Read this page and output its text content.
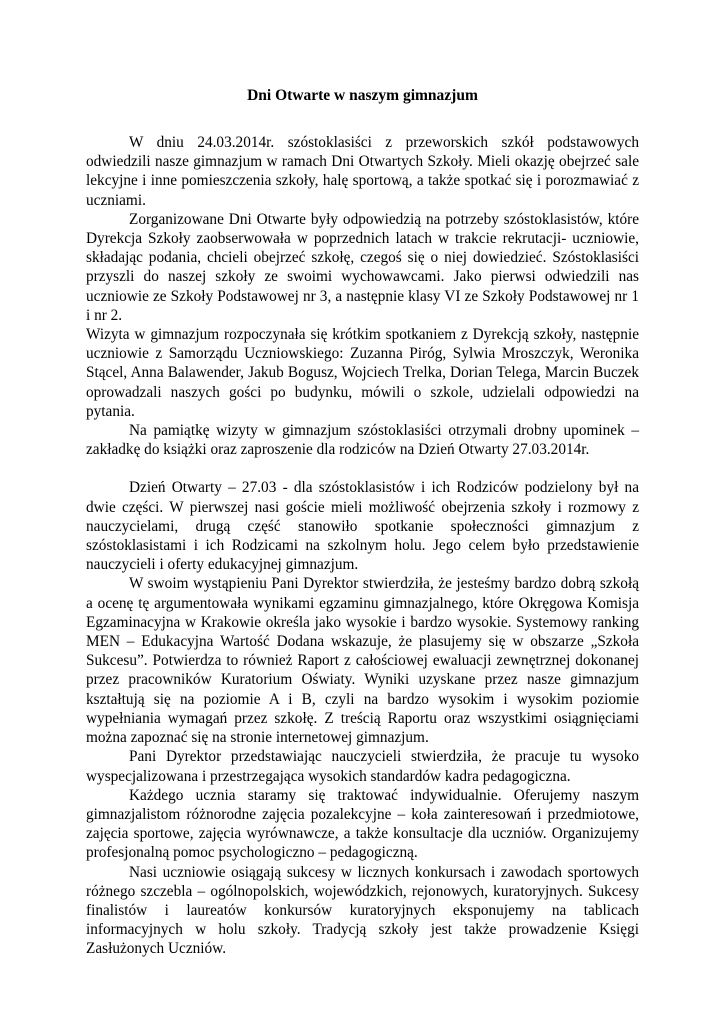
Dni Otwarte w naszym gimnazjum

W dniu 24.03.2014r. szóstoklasiści z przeworskich szkół podstawowych odwiedzili nasze gimnazjum w ramach Dni Otwartych Szkoły. Mieli okazję obejrzeć sale lekcyjne i inne pomieszczenia szkoły, halę sportową, a także spotkać się i porozmawiać z uczniami.

Zorganizowane Dni Otwarte były odpowiedzią na potrzeby szóstoklasistów, które Dyrekcja Szkoły zaobserwowała w poprzednich latach w trakcie rekrutacji- uczniowie, składając podania, chcieli obejrzeć szkołę, czegoś się o niej dowiedzieć. Szóstoklasiści przyszli do naszej szkoły ze swoimi wychowawcami. Jako pierwsi odwiedzili nas uczniowie ze Szkoły Podstawowej nr 3, a następnie klasy VI ze Szkoły Podstawowej nr 1 i nr 2.

Wizyta w gimnazjum rozpoczynała się krótkim spotkaniem z Dyrekcją szkoły, następnie uczniowie z Samorządu Uczniowskiego: Zuzanna Piróg, Sylwia Mroszczyk, Weronika Stącel, Anna Balawender, Jakub Bogusz, Wojciech Trelka, Dorian Telega, Marcin Buczek oprowadzali naszych gości po budynku, mówili o szkole, udzielali odpowiedzi na pytania.

Na pamiątkę wizyty w gimnazjum szóstoklasiści otrzymali drobny upominek – zakładkę do książki oraz zaproszenie dla rodziców na Dzień Otwarty 27.03.2014r.

Dzień Otwarty – 27.03 - dla szóstoklasistów i ich Rodziców podzielony był na dwie części. W pierwszej nasi goście mieli możliwość obejrzenia szkoły i rozmowy z nauczycielami, drugą część stanowiło spotkanie społeczności gimnazjum z szóstoklasistami i ich Rodzicami na szkolnym holu. Jego celem było przedstawienie nauczycieli i oferty edukacyjnej gimnazjum.

W swoim wystąpieniu Pani Dyrektor stwierdziła, że jesteśmy bardzo dobrą szkołą a ocenę tę argumentowała wynikami egzaminu gimnazjalnego, które Okręgowa Komisja Egzaminacyjna w Krakowie określa jako wysokie i bardzo wysokie. Systemowy ranking MEN – Edukacyjna Wartość Dodana wskazuje, że plasujemy się w obszarze „Szkoła Sukcesu”. Potwierdza to również Raport z całościowej ewaluacji zewnętrznej dokonanej przez pracowników Kuratorium Oświaty. Wyniki uzyskane przez nasze gimnazjum kształtują się na poziomie A i B, czyli na bardzo wysokim i wysokim poziomie wypełniania wymagań przez szkołę. Z treścią Raportu oraz wszystkimi osiągnięciami można zapoznać się na stronie internetowej gimnazjum.

Pani Dyrektor przedstawiając nauczycieli stwierdziła, że pracuje tu wysoko wyspecjalizowana i przestrzegająca wysokich standardów kadra pedagogiczna.

Każdego ucznia staramy się traktować indywidualnie. Oferujemy naszym gimnazjalistom różnorodne zajęcia pozalekcyjne – koła zainteresowań i przedmiotowe, zajęcia sportowe, zajęcia wyrównawcze, a także konsultacje dla uczniów. Organizujemy profesjonalną pomoc psychologiczno – pedagogiczną.

Nasi uczniowie osiągają sukcesy w licznych konkursach i zawodach sportowych różnego szczebla – ogólnopolskich, wojewódzkich, rejonowych, kuratoryjnych. Sukcesy finalistów i laureatów konkursów kuratoryjnych eksponujemy na tablicach informacyjnych w holu szkoły. Tradycją szkoły jest także prowadzenie Księgi Zasłużonych Uczniów.
